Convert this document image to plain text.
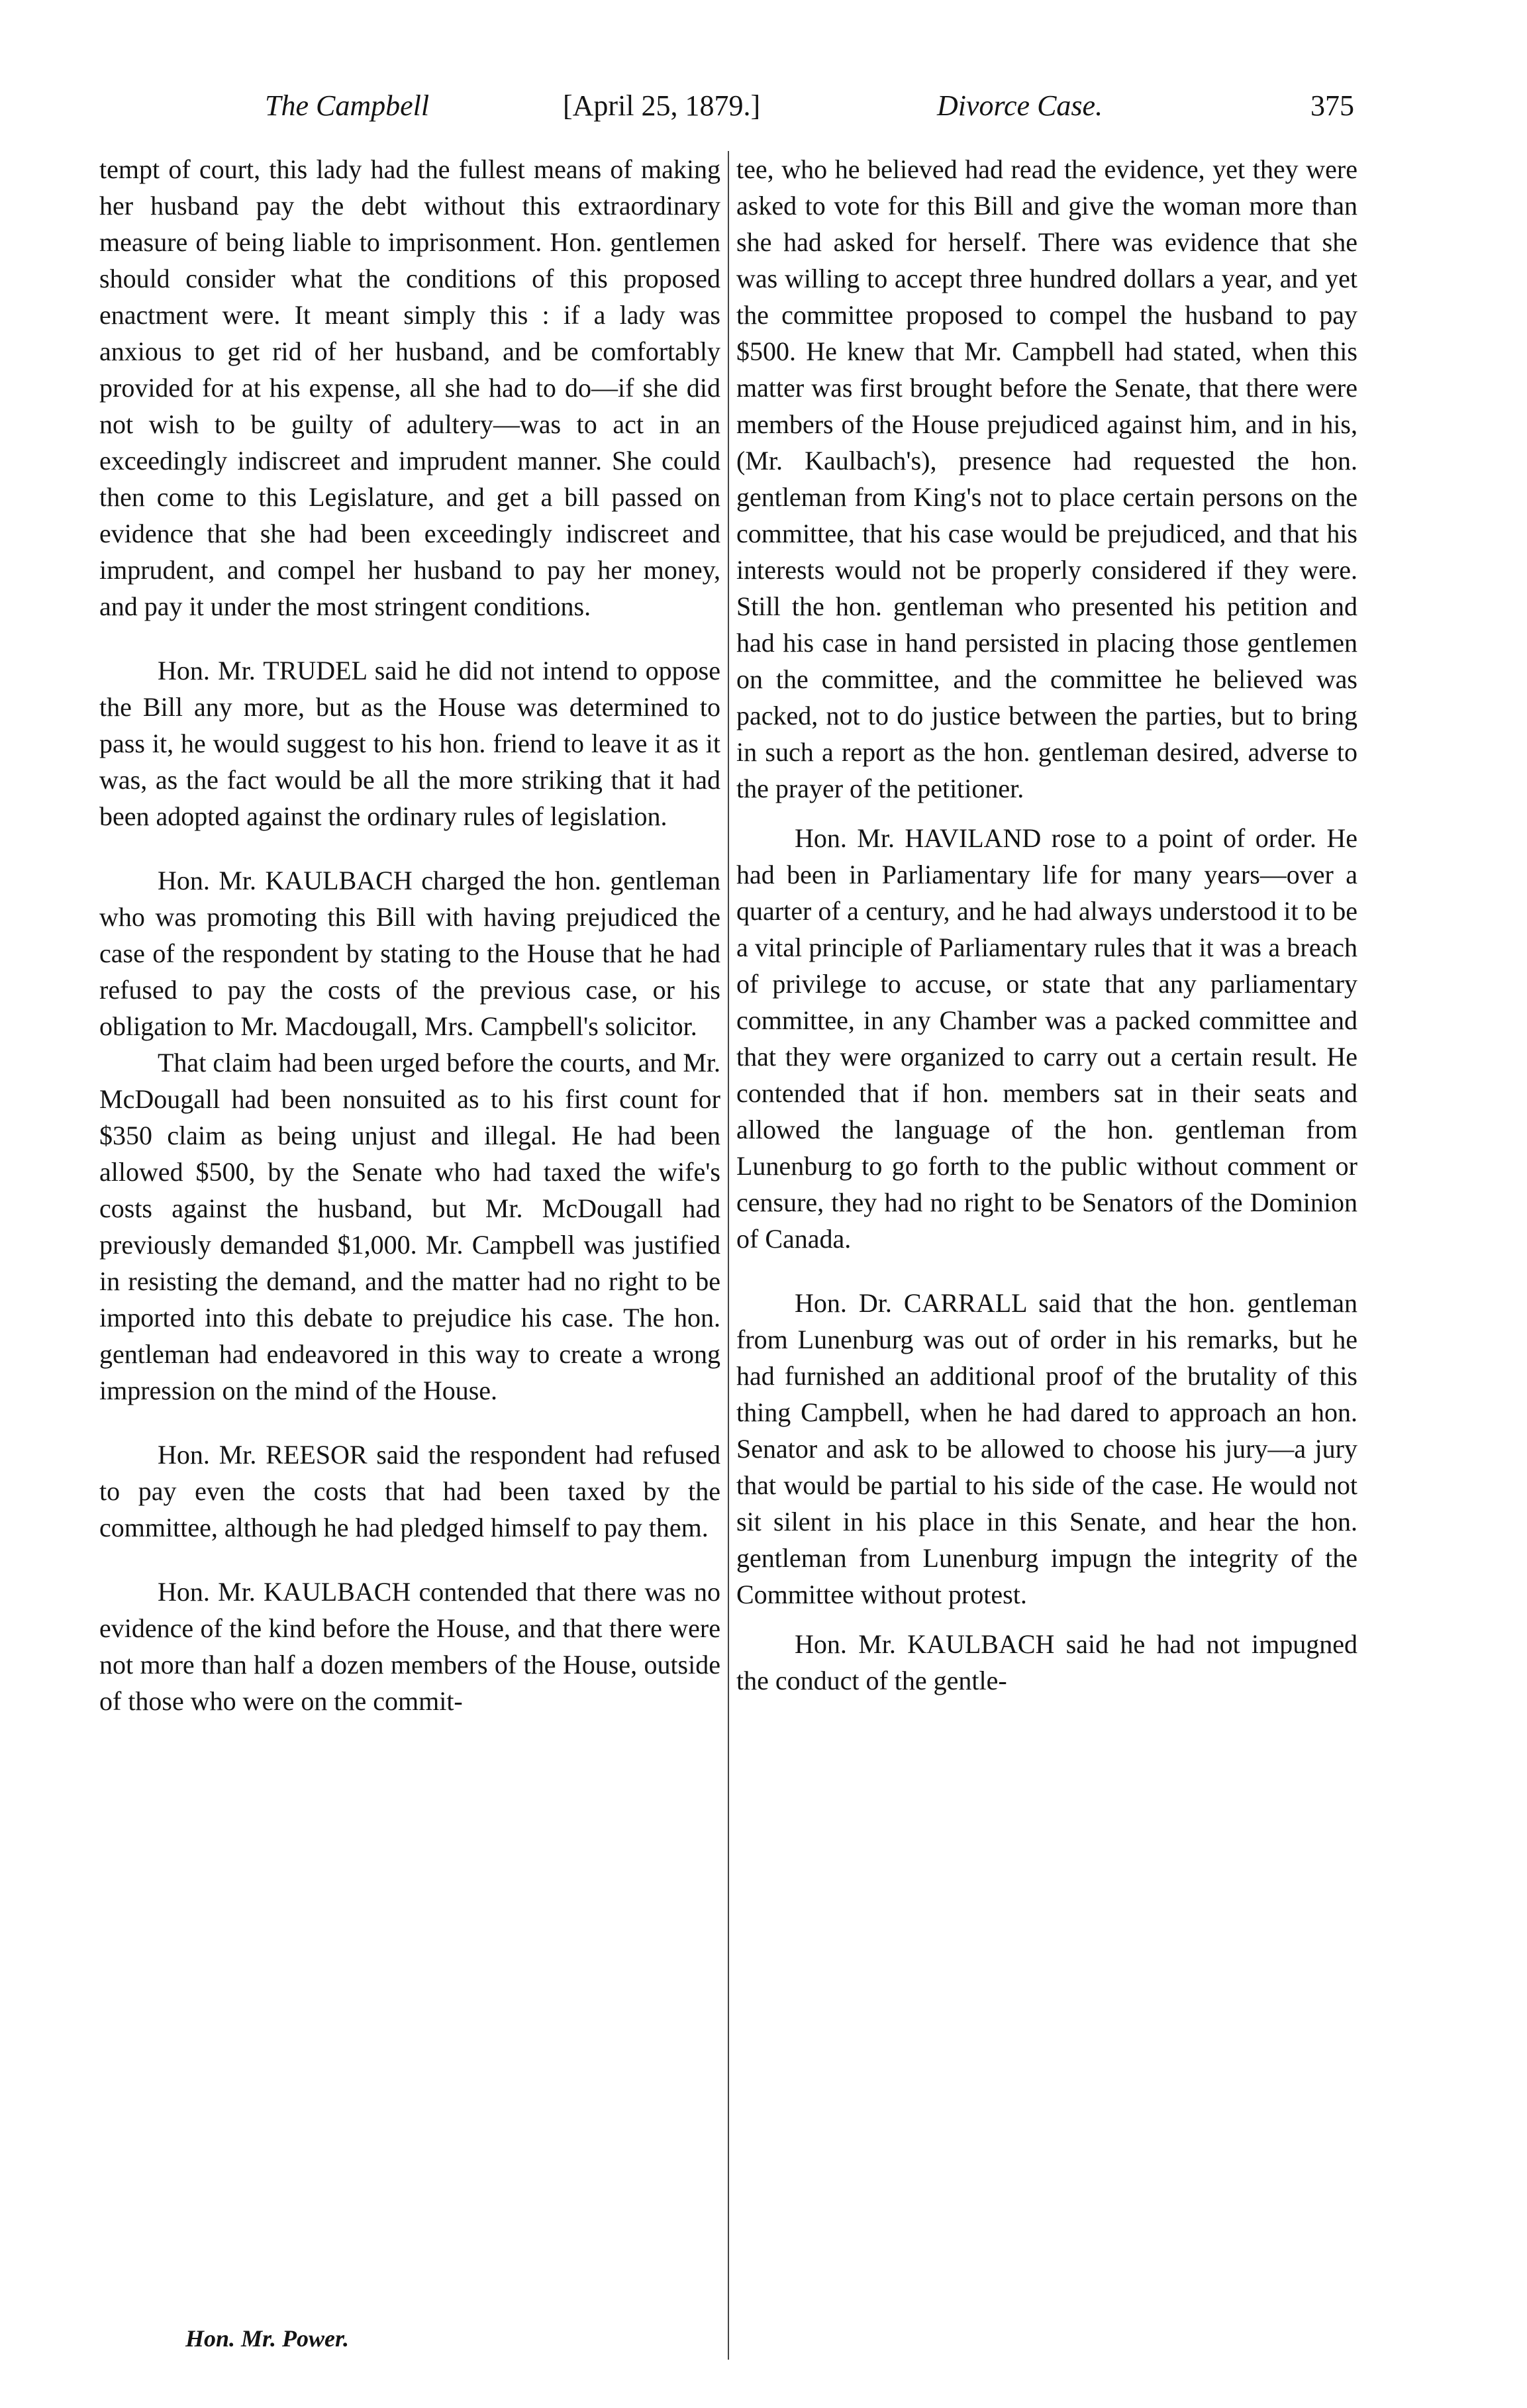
The Campbell	[April 25, 1879.]	Divorce Case.	375

tempt of court, this lady had the fullest means of making her husband pay the debt without this extraordinary measure of being liable to imprisonment. Hon. gentlemen should consider what the conditions of this proposed enactment were. It meant simply this : if a lady was anxious to get rid of her husband, and be comfortably provided for at his expense, all she had to do—if she did not wish to be guilty of adultery—was to act in an exceedingly indiscreet and imprudent manner. She could then come to this Legislature, and get a bill passed on evidence that she had been exceedingly indiscreet and imprudent, and compel her husband to pay her money, and pay it under the most stringent conditions.

Hon. Mr. TRUDEL said he did not intend to oppose the Bill any more, but as the House was determined to pass it, he would suggest to his hon. friend to leave it as it was, as the fact would be all the more striking that it had been adopted against the ordinary rules of legislation.

Hon. Mr. KAULBACH charged the hon. gentleman who was promoting this Bill with having prejudiced the case of the respondent by stating to the House that he had refused to pay the costs of the previous case, or his obligation to Mr. Macdougall, Mrs. Campbell's solicitor.

That claim had been urged before the courts, and Mr. McDougall had been nonsuited as to his first count for $350 claim as being unjust and illegal. He had been allowed $500, by the Senate who had taxed the wife's costs against the husband, but Mr. McDougall had previously demanded $1,000. Mr. Campbell was justified in resisting the demand, and the matter had no right to be imported into this debate to prejudice his case. The hon. gentleman had endeavored in this way to create a wrong impression on the mind of the House.

Hon. Mr. REESOR said the respondent had refused to pay even the costs that had been taxed by the committee, although he had pledged himself to pay them.

Hon. Mr. KAULBACH contended that there was no evidence of the kind before the House, and that there were not more than half a dozen members of the House, outside of those who were on the commit-

tee, who he believed had read the evidence, yet they were asked to vote for this Bill and give the woman more than she had asked for herself. There was evidence that she was willing to accept three hundred dollars a year, and yet the committee proposed to compel the husband to pay $500. He knew that Mr. Campbell had stated, when this matter was first brought before the Senate, that there were members of the House prejudiced against him, and in his, (Mr. Kaulbach's), presence had requested the hon. gentleman from King's not to place certain persons on the committee, that his case would be prejudiced, and that his interests would not be properly considered if they were. Still the hon. gentleman who presented his petition and had his case in hand persisted in placing those gentlemen on the committee, and the committee he believed was packed, not to do justice between the parties, but to bring in such a report as the hon. gentleman desired, adverse to the prayer of the petitioner.

Hon. Mr. HAVILAND rose to a point of order. He had been in Parliamentary life for many years—over a quarter of a century, and he had always understood it to be a vital principle of Parliamentary rules that it was a breach of privilege to accuse, or state that any parliamentary committee, in any Chamber was a packed committee and that they were organized to carry out a certain result. He contended that if hon. members sat in their seats and allowed the language of the hon. gentleman from Lunenburg to go forth to the public without comment or censure, they had no right to be Senators of the Dominion of Canada.

Hon. Dr. CARRALL said that the hon. gentleman from Lunenburg was out of order in his remarks, but he had furnished an additional proof of the brutality of this thing Campbell, when he had dared to approach an hon. Senator and ask to be allowed to choose his jury—a jury that would be partial to his side of the case. He would not sit silent in his place in this Senate, and hear the hon. gentleman from Lunenburg impugn the integrity of the Committee without protest.

Hon. Mr. KAULBACH said he had not impugned the conduct of the gentle-

Hon. Mr. Power.
